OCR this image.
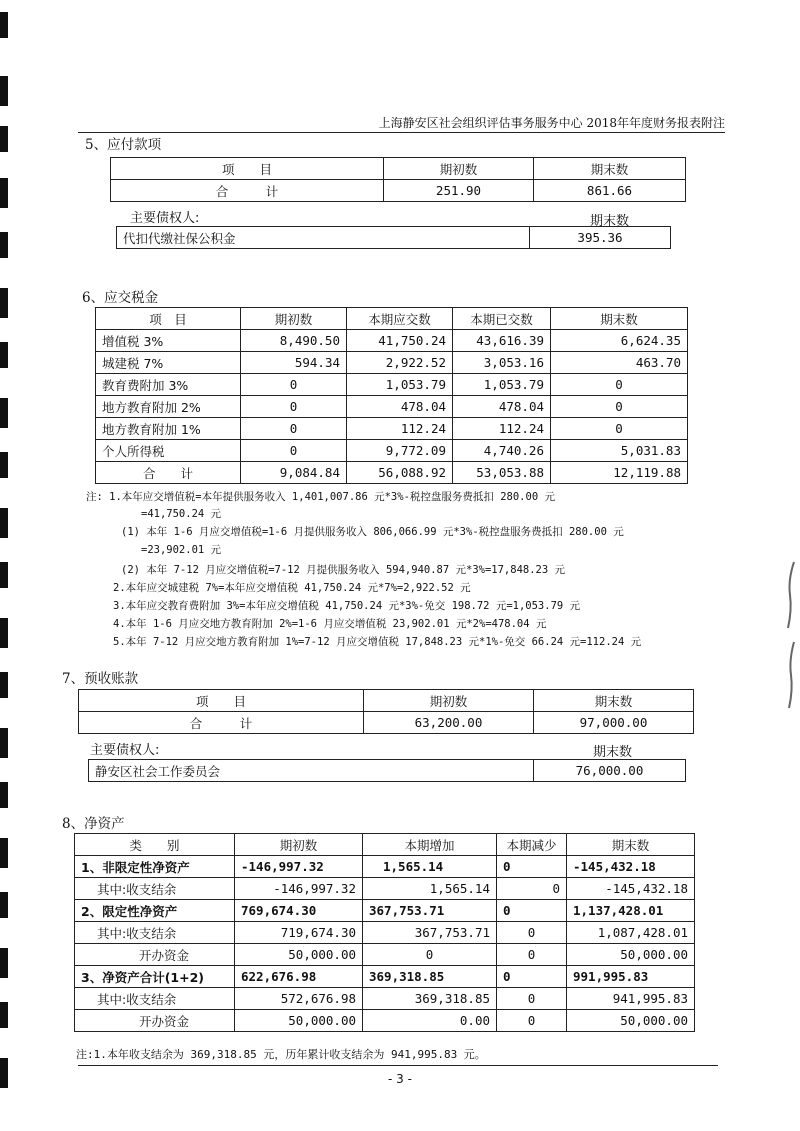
上海静安区社会组织评估事务服务中心 2018年年度财务报表附注
5、应付款项
项　　目	期初数	期末数
合　　　计	251.90	861.66
主要债权人:	期末数
代扣代缴社保公积金	395.36
6、应交税金
项　目	期初数	本期应交数	本期已交数	期末数
增值税 3%	8,490.50	41,750.24	43,616.39	6,624.35
城建税 7%	594.34	2,922.52	3,053.16	463.70
教育费附加 3%	0	1,053.79	1,053.79	0
地方教育附加 2%	0	478.04	478.04	0
地方教育附加 1%	0	112.24	112.24	0
个人所得税	0	9,772.09	4,740.26	5,031.83
合　　计	9,084.84	56,088.92	53,053.88	12,119.88
注: 1.本年应交增值税=本年提供服务收入 1,401,007.86 元*3%-税控盘服务费抵扣 280.00 元
=41,750.24 元
(1) 本年 1-6 月应交增值税=1-6 月提供服务收入 806,066.99 元*3%-税控盘服务费抵扣 280.00 元
=23,902.01 元
(2) 本年 7-12 月应交增值税=7-12 月提供服务收入 594,940.87 元*3%=17,848.23 元
2.本年应交城建税 7%=本年应交增值税 41,750.24 元*7%=2,922.52 元
3.本年应交教育费附加 3%=本年应交增值税 41,750.24 元*3%-免交 198.72 元=1,053.79 元
4.本年 1-6 月应交地方教育附加 2%=1-6 月应交增值税 23,902.01 元*2%=478.04 元
5.本年 7-12 月应交地方教育附加 1%=7-12 月应交增值税 17,848.23 元*1%-免交 66.24 元=112.24 元
7、预收账款
项　　目	期初数	期末数
合　　　计	63,200.00	97,000.00
主要债权人:	期末数
静安区社会工作委员会	76,000.00
8、净资产
类　　别	期初数	本期增加	本期减少	期末数
1、非限定性净资产	-146,997.32	1,565.14	0	-145,432.18
其中:收支结余	-146,997.32	1,565.14	0	-145,432.18
2、限定性净资产	769,674.30	367,753.71	0	1,137,428.01
其中:收支结余	719,674.30	367,753.71	0	1,087,428.01
开办资金	50,000.00	0	0	50,000.00
3、净资产合计(1+2)	622,676.98	369,318.85	0	991,995.83
其中:收支结余	572,676.98	369,318.85	0	941,995.83
开办资金	50,000.00	0.00	0	50,000.00
注:1.本年收支结余为 369,318.85 元，历年累计收支结余为 941,995.83 元。
- 3 -
